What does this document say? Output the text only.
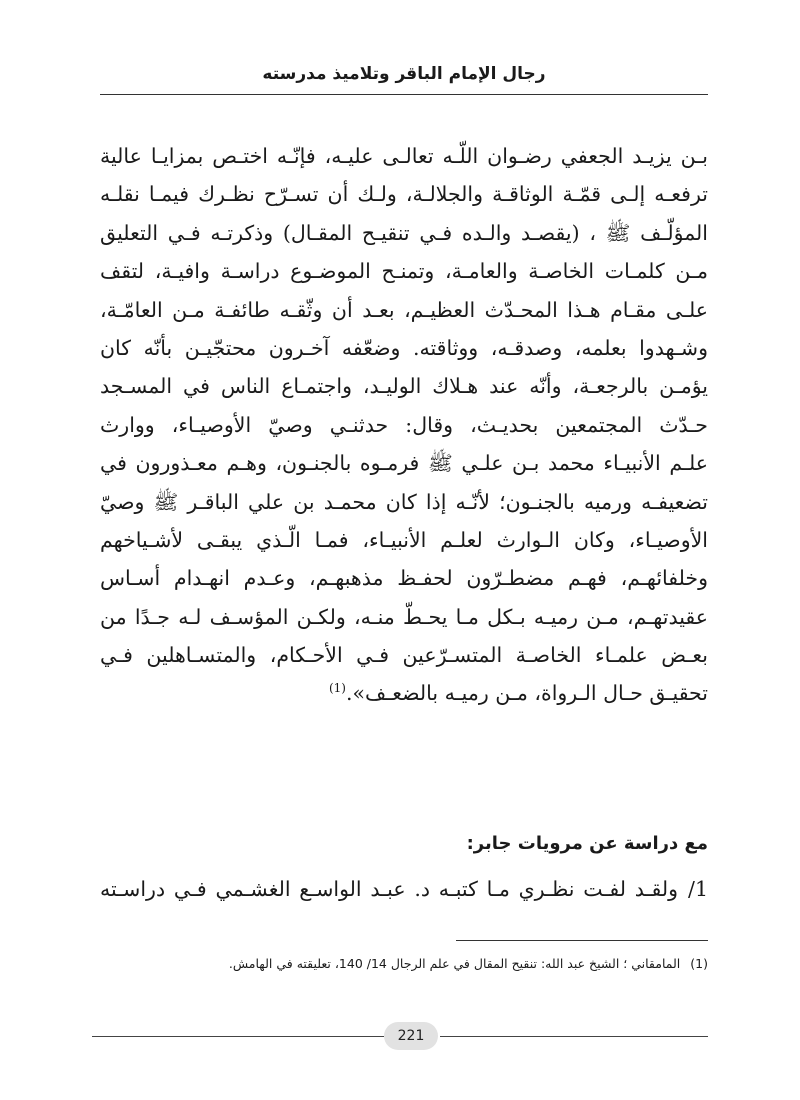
رجال الإمام الباقر وتلاميذ مدرسته
بـن يزيـد الجعفي رضـوان اللّـه تعالـى عليـه، فإنّـه اختـص بمزايـا عالية
ترفعـه إلـى قمّـة الوثاقـة والجلالـة، ولـك أن تسـرّح نظـرك فيمـا نقلـه
المؤلّـف ﷺ ، (يقصـد والـده فـي تنقيـح المقـال) وذكرتـه فـي التعليق
مـن كلمـات الخاصـة والعامـة، وتمنـح الموضـوع دراسـة وافيـة، لتقف
علـى مقـام هـذا المحـدّث العظيـم، بعـد أن وثّقـه طائفـة مـن العامّـة،
وشـهدوا بعلمه، وصدقـه، ووثاقته. وضعّفه آخـرون محتجّيـن بأنّه كان
يؤمـن بالرجعـة، وأنّه عند هـلاك الوليـد، واجتمـاع الناس في المسـجد
حـدّث المجتمعين بحديـث، وقال: حدثنـي وصيّ الأوصيـاء، ووارث
علـم الأنبيـاء محمد بـن علـي ﷺ فرمـوه بالجنـون، وهـم معـذورون في
تضعيفـه ورميه بالجنـون؛ لأنّـه إذا كان محمـد بن علي الباقـر ﷺ وصيّ
الأوصيـاء، وكان الـوارث لعلـم الأنبيـاء، فمـا الّـذي يبقـى لأشـياخهم
وخلفائهـم، فهـم مضطـرّون لحفـظ مذهبهـم، وعـدم انهـدام أسـاس
عقيدتهـم، مـن رميـه بـكل مـا يحـطّ منـه، ولكـن المؤسـف لـه جـدًا من
بعـض علمـاء الخاصـة المتسـرّعين فـي الأحـكام، والمتسـاهلين فـي
تحقيـق حـال الـرواة، مـن رميـه بالضعـف».$^{(1)}$
مع دراسة عن مرويات جابر:
1/ولقـد لفـت نظـري مـا كتبـه د. عبـد الواسـع الغشـمي فـي دراسـته
(1)المامقاني ؛ الشيخ عبد الله: تنقيح المقال في علم الرجال 14/ 140، تعليقته في الهامش.
221
